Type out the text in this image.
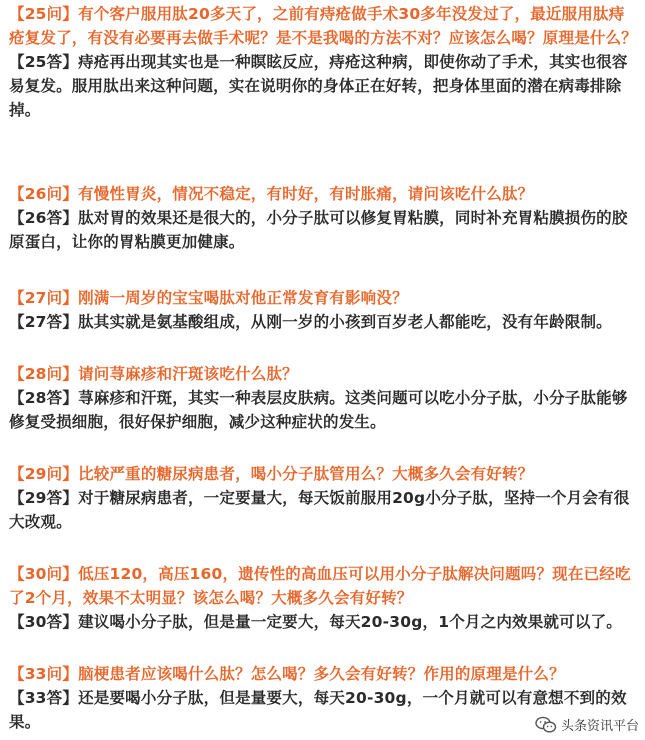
【25问】有个客户服用肽20多天了，之前有痔疮做手术30多年没发过了，最近服用肽痔疮复发了，有没有必要再去做手术呢？是不是我喝的方法不对？应该怎么喝？原理是什么？

【25答】痔疮再出现其实也是一种瞑眩反应，痔疮这种病，即使你动了手术，其实也很容易复发。服用肽出来这种问题，实在说明你的身体正在好转，把身体里面的潜在病毒排除掉。

【26问】有慢性胃炎，情况不稳定，有时好，有时胀痛，请问该吃什么肽？

【26答】肽对胃的效果还是很大的，小分子肽可以修复胃粘膜，同时补充胃粘膜损伤的胶原蛋白，让你的胃粘膜更加健康。

【27问】刚满一周岁的宝宝喝肽对他正常发育有影响没？

【27答】肽其实就是氨基酸组成，从刚一岁的小孩到百岁老人都能吃，没有年龄限制。

【28问】请问荨麻疹和汗斑该吃什么肽？

【28答】荨麻疹和汗斑，其实一种表层皮肤病。这类问题可以吃小分子肽，小分子肽能够修复受损细胞，很好保护细胞，减少这种症状的发生。

【29问】比较严重的糖尿病患者，喝小分子肽管用么？大概多久会有好转？

【29答】对于糖尿病患者，一定要量大，每天饭前服用20g小分子肽，坚持一个月会有很大改观。

【30问】低压120，高压160，遗传性的高血压可以用小分子肽解决问题吗？现在已经吃了2个月，效果不太明显？该怎么喝？大概多久会有好转？

【30答】建议喝小分子肽，但是量一定要大，每天20-30g，1个月之内效果就可以了。

【33问】脑梗患者应该喝什么肽？怎么喝？多久会有好转？作用的原理是什么？

【33答】还是要喝小分子肽，但是量要大，每天20-30g，一个月就可以有意想不到的效果。	头条资讯平台
